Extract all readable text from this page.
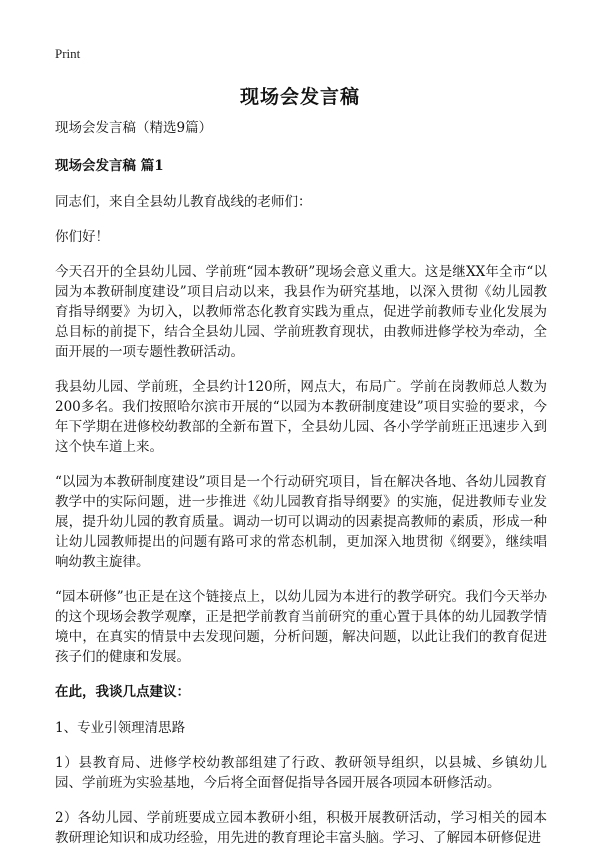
Print
现场会发言稿

现场会发言稿（精选9篇）

现场会发言稿 篇1

同志们，来自全县幼儿教育战线的老师们：

你们好！

今天召开的全县幼儿园、学前班“园本教研”现场会意义重大。这是继XX年全市“以园为本教研制度建设”项目启动以来，我县作为研究基地，以深入贯彻《幼儿园教育指导纲要》为切入，以教师常态化教育实践为重点，促进学前教师专业化发展为总目标的前提下，结合全县幼儿园、学前班教育现状，由教师进修学校为牵动，全面开展的一项专题性教研活动。

我县幼儿园、学前班，全县约计120所，网点大，布局广。学前在岗教师总人数为200多名。我们按照哈尔滨市开展的“以园为本教研制度建设”项目实验的要求，今年下学期在进修校幼教部的全新布置下，全县幼儿园、各小学学前班正迅速步入到这个快车道上来。

“以园为本教研制度建设”项目是一个行动研究项目，旨在解决各地、各幼儿园教育教学中的实际问题，进一步推进《幼儿园教育指导纲要》的实施，促进教师专业发展，提升幼儿园的教育质量。调动一切可以调动的因素提高教师的素质，形成一种让幼儿园教师提出的问题有路可求的常态机制，更加深入地贯彻《纲要》，继续唱响幼教主旋律。

“园本研修”也正是在这个链接点上，以幼儿园为本进行的教学研究。我们今天举办的这个现场会教学观摩，正是把学前教育当前研究的重心置于具体的幼儿园教学情境中，在真实的情景中去发现问题，分析问题，解决问题，以此让我们的教育促进孩子们的健康和发展。

在此，我谈几点建议：

1、专业引领理清思路

1）县教育局、进修学校幼教部组建了行政、教研领导组织，以县城、乡镇幼儿园、学前班为实验基地，今后将全面督促指导各园开展各项园本研修活动。

2）各幼儿园、学前班要成立园本教研小组，积极开展教研活动，学习相关的园本教研理论知识和成功经验，用先进的教育理论丰富头脑。学习、了解园本研修促进
